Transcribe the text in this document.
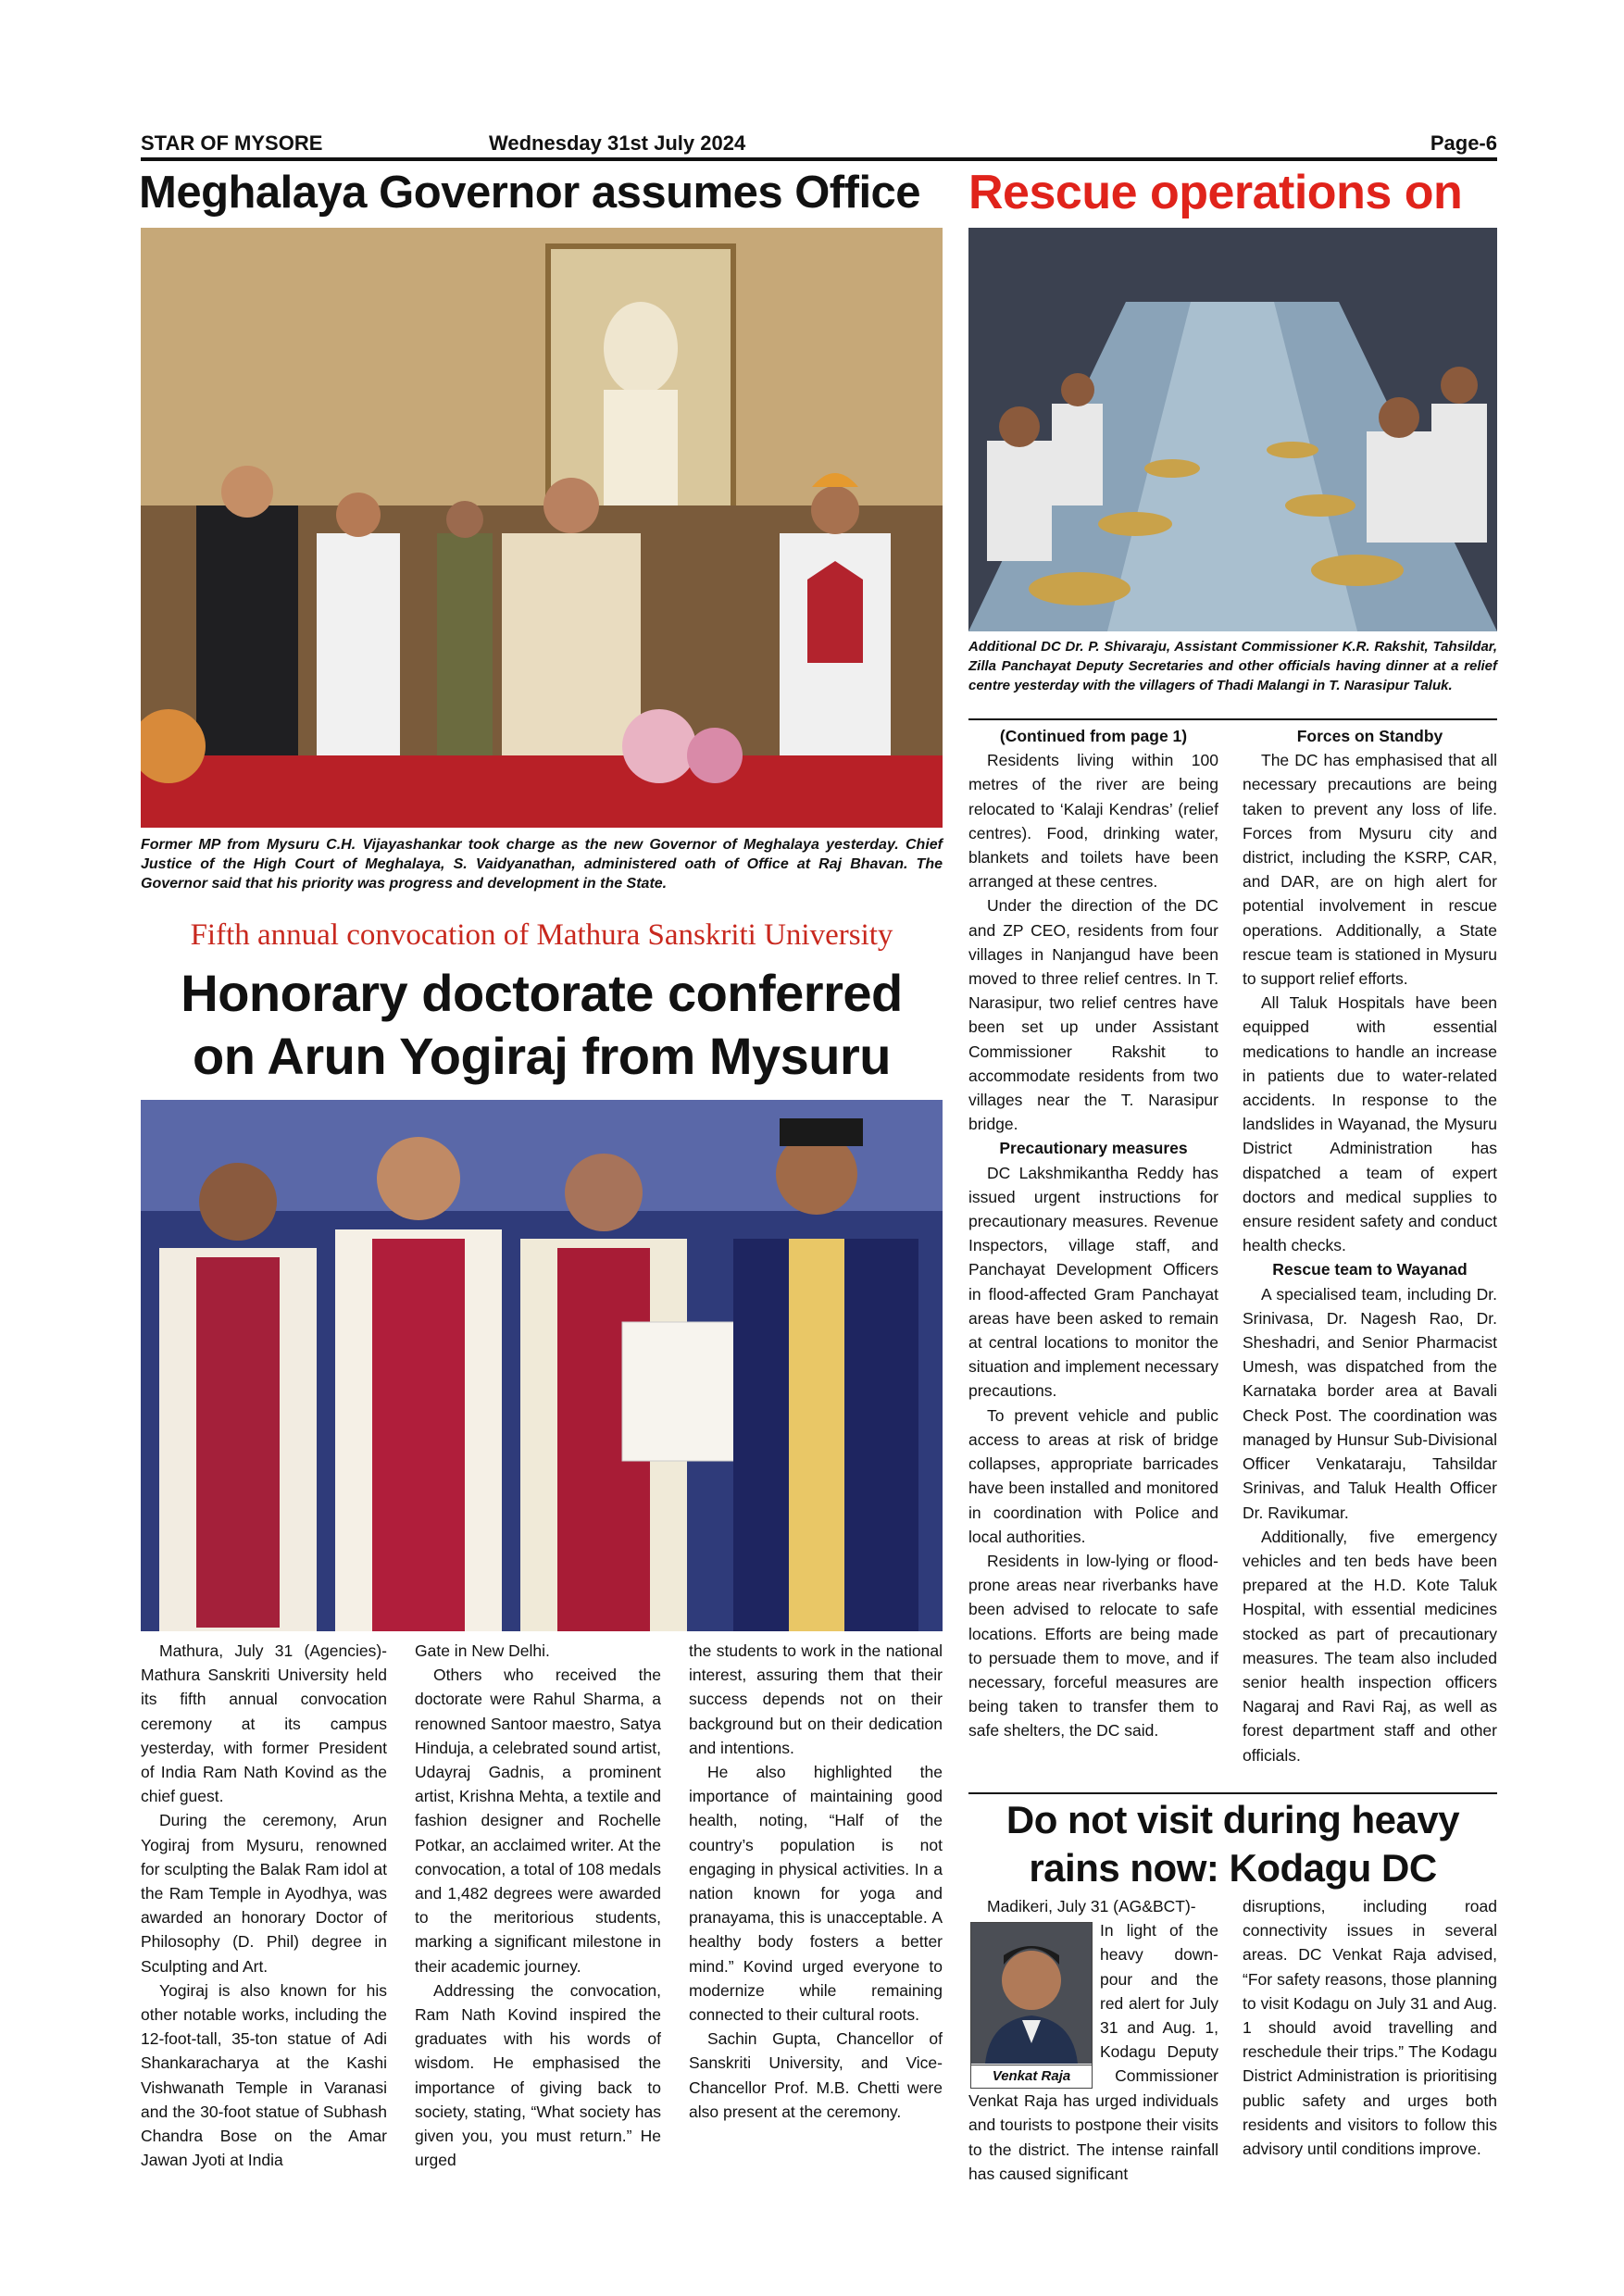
STAR OF MYSORE	Wednesday 31st July 2024	Page-6
Meghalaya Governor assumes Office
Former MP from Mysuru C.H. Vijayashankar took charge as the new Governor of Meghalaya yesterday. Chief Justice of the High Court of Meghalaya, S. Vaidyanathan, administered oath of Office at Raj Bhavan. The Governor said that his priority was progress and development in the State.
Fifth annual convocation of Mathura Sanskriti University
Honorary doctorate conferred
on Arun Yogiraj from Mysuru

Mathura, July 31 (Agencies)- Mathura Sanskriti University held its fifth annual convocation ceremony at its campus yesterday, with former President of India Ram Nath Kovind as the chief guest.

During the ceremony, Arun Yogiraj from Mysuru, renowned for sculpting the Balak Ram idol at the Ram Temple in Ayodhya, was awarded an honorary Doctor of Philosophy (D. Phil) degree in Sculpting and Art.

Yogiraj is also known for his other notable works, including the 12-foot-tall, 35-ton statue of Adi Shankaracharya at the Kashi Vishwanath Temple in Varanasi and the 30-foot statue of Subhash Chandra Bose on the Amar Jawan Jyoti at India

Gate in New Delhi.

Others who received the doctorate were Rahul Sharma, a renowned Santoor maestro, Satya Hinduja, a celebrated sound artist, Udayraj Gadnis, a prominent artist, Krishna Mehta, a textile and fashion designer and Rochelle Potkar, an acclaimed writer. At the convocation, a total of 108 medals and 1,482 degrees were awarded to the meritorious students, marking a significant milestone in their academic journey.

Addressing the convocation, Ram Nath Kovind inspired the graduates with his words of wisdom. He emphasised the importance of giving back to society, stating, “What society has given you, you must return.” He urged

the students to work in the national interest, assuring them that their success depends not on their background but on their dedication and intentions.

He also highlighted the importance of maintaining good health, noting, “Half of the country’s population is not engaging in physical activities. In a nation known for yoga and pranayama, this is unacceptable. A healthy body fosters a better mind.” Kovind urged everyone to modernize while remaining connected to their cultural roots.

Sachin Gupta, Chancellor of Sanskriti University, and Vice-Chancellor Prof. M.B. Chetti were also present at the ceremony.

Rescue operations on
Additional DC Dr. P. Shivaraju, Assistant Commissioner K.R. Rakshit, Tahsildar, Zilla Panchayat Deputy Secretaries and other officials having dinner at a relief centre yesterday with the villagers of Thadi Malangi in T. Narasipur Taluk.

(Continued from page 1)

Residents living within 100 metres of the river are being relocated to ‘Kalaji Kendras’ (relief centres). Food, drinking water, blankets and toilets have been arranged at these centres.

Under the direction of the DC and ZP CEO, residents from four villages in Nanjangud have been moved to three relief centres. In T. Narasipur, two relief centres have been set up under Assistant Commissioner Rakshit to accommodate residents from two villages near the T. Narasipur bridge.

Precautionary measures

DC Lakshmikantha Reddy has issued urgent instructions for precautionary measures. Revenue Inspectors, village staff, and Panchayat Development Officers in flood-affected Gram Panchayat areas have been asked to remain at central locations to monitor the situation and implement necessary precautions.

To prevent vehicle and public access to areas at risk of bridge collapses, appropriate barricades have been installed and monitored in coordination with Police and local authorities.

Residents in low-lying or flood-prone areas near riverbanks have been advised to relocate to safe locations. Efforts are being made to persuade them to move, and if necessary, forceful measures are being taken to transfer them to safe shelters, the DC said.

Forces on Standby

The DC has emphasised that all necessary precautions are being taken to prevent any loss of life. Forces from Mysuru city and district, including the KSRP, CAR, and DAR, are on high alert for potential involvement in rescue operations. Additionally, a State rescue team is stationed in Mysuru to support relief efforts.

All Taluk Hospitals have been equipped with essential medications to handle an increase in patients due to water-related accidents. In response to the landslides in Wayanad, the Mysuru District Administration has dispatched a team of expert doctors and medical supplies to ensure resident safety and conduct health checks.

Rescue team to Wayanad

A specialised team, including Dr. Srinivasa, Dr. Nagesh Rao, Dr. Sheshadri, and Senior Pharmacist Umesh, was dispatched from the Karnataka border area at Bavali Check Post. The coordination was managed by Hunsur Sub-Divisional Officer Venkataraju, Tahsildar Srinivas, and Taluk Health Officer Dr. Ravikumar.

Additionally, five emergency vehicles and ten beds have been prepared at the H.D. Kote Taluk Hospital, with essential medicines stocked as part of precautionary measures. The team also included senior health inspection officers Nagaraj and Ravi Raj, as well as forest department staff and other officials.

Do not visit during heavy
rains now: Kodagu DC
Madikeri, July 31 (AG&BCT)-
Venkat Raja
In light of the
heavy down-
pour and the
red alert for July
31 and Aug. 1,
Kodagu Deputy
Commissioner
Venkat Raja has urged individuals and tourists to postpone their visits to the district. The intense rainfall has caused significant

disruptions, including road connectivity issues in several areas. DC Venkat Raja advised, “For safety reasons, those planning to visit Kodagu on July 31 and Aug. 1 should avoid travelling and reschedule their trips.” The Kodagu District Administration is prioritising public safety and urges both residents and visitors to follow this advisory until conditions improve.
